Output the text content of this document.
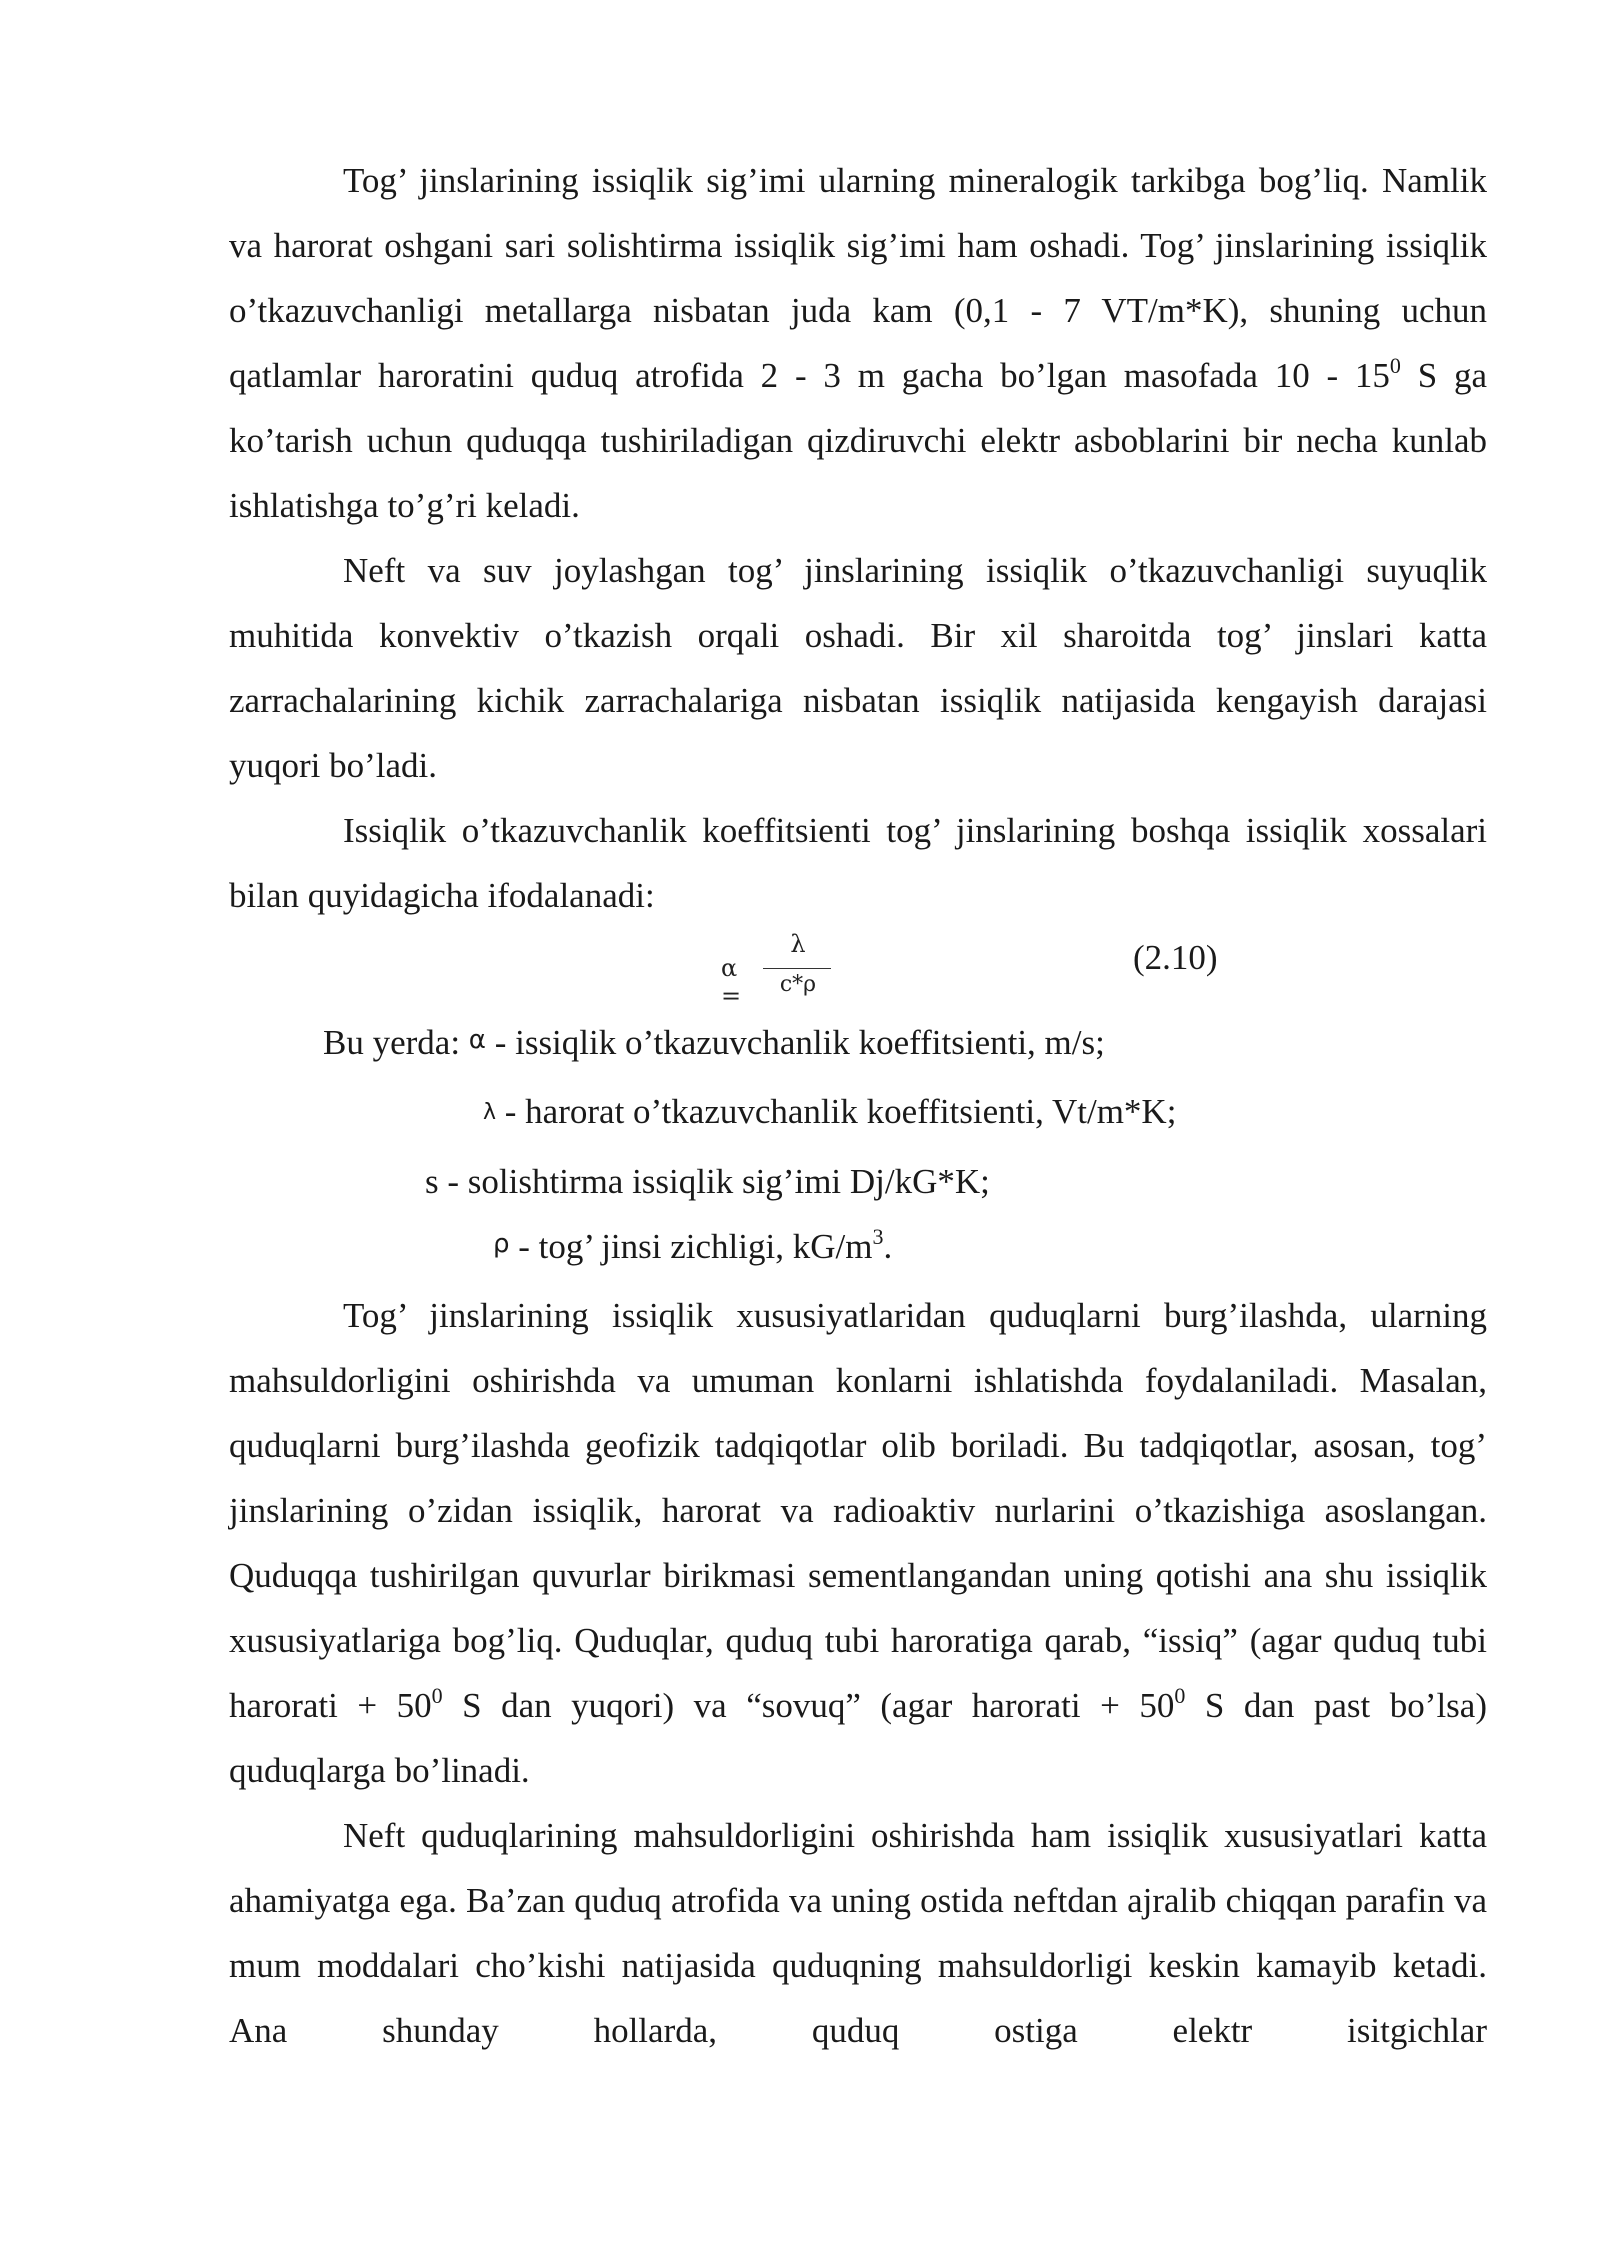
Tog’ jinslarining issiqlik sig’imi ularning mineralogik tarkibga bog’liq. Namlik va harorat oshgani sari solishtirma issiqlik sig’imi ham oshadi. Tog’ jinslarining issiqlik o’tkazuvchanligi metallarga nisbatan juda kam (0,1 - 7 VT/m*K), shuning uchun qatlamlar haroratini quduq atrofida 2 - 3 m gacha bo’lgan masofada $10 - 15^0$ S ga ko’tarish uchun quduqqa tushiriladigan qizdiruvchi elektr asboblarini bir necha kunlab ishlatishga to’g’ri keladi.

Neft va suv joylashgan tog’ jinslarining issiqlik o’tkazuvchanligi suyuqlik muhitida konvektiv o’tkazish orqali oshadi. Bir xil sharoitda tog’ jinslari katta zarrachalarining kichik zarrachalariga nisbatan issiqlik natijasida kengayish darajasi yuqori bo’ladi.

Issiqlik o’tkazuvchanlik koeffitsienti tog’ jinslarining boshqa issiqlik xossalari bilan quyidagicha ifodalanadi:

α =
λ
c*ρ
(2.10)

Bu yerda: α - issiqlik o’tkazuvchanlik koeffitsienti, m/s;

λ - harorat o’tkazuvchanlik koeffitsienti, Vt/m*K;

s - solishtirma issiqlik sig’imi Dj/kG*K;

ρ - tog’ jinsi zichligi, $kG/m^3$.

Tog’ jinslarining issiqlik xususiyatlaridan quduqlarni burg’ilashda, ularning mahsuldorligini oshirishda va umuman konlarni ishlatishda foydalaniladi. Masalan, quduqlarni burg’ilashda geofizik tadqiqotlar olib boriladi. Bu tadqiqotlar, asosan, tog’ jinslarining o’zidan issiqlik, harorat va radioaktiv nurlarini o’tkazishiga asoslangan. Quduqqa tushirilgan quvurlar birikmasi sementlangandan uning qotishi ana shu issiqlik xususiyatlariga bog’liq. Quduqlar, quduq tubi haroratiga qarab, “issiq” (agar quduq tubi harorati + $50^0$ S dan yuqori) va “sovuq” (agar harorati + $50^0$ S dan past bo’lsa) quduqlarga bo’linadi.

Neft quduqlarining mahsuldorligini oshirishda ham issiqlik xususiyatlari katta ahamiyatga ega. Ba’zan quduq atrofida va uning ostida neftdan ajralib chiqqan parafin va mum moddalari cho’kishi natijasida quduqning mahsuldorligi keskin kamayib ketadi. Ana shunday hollarda, quduq ostiga elektr isitgichlar
